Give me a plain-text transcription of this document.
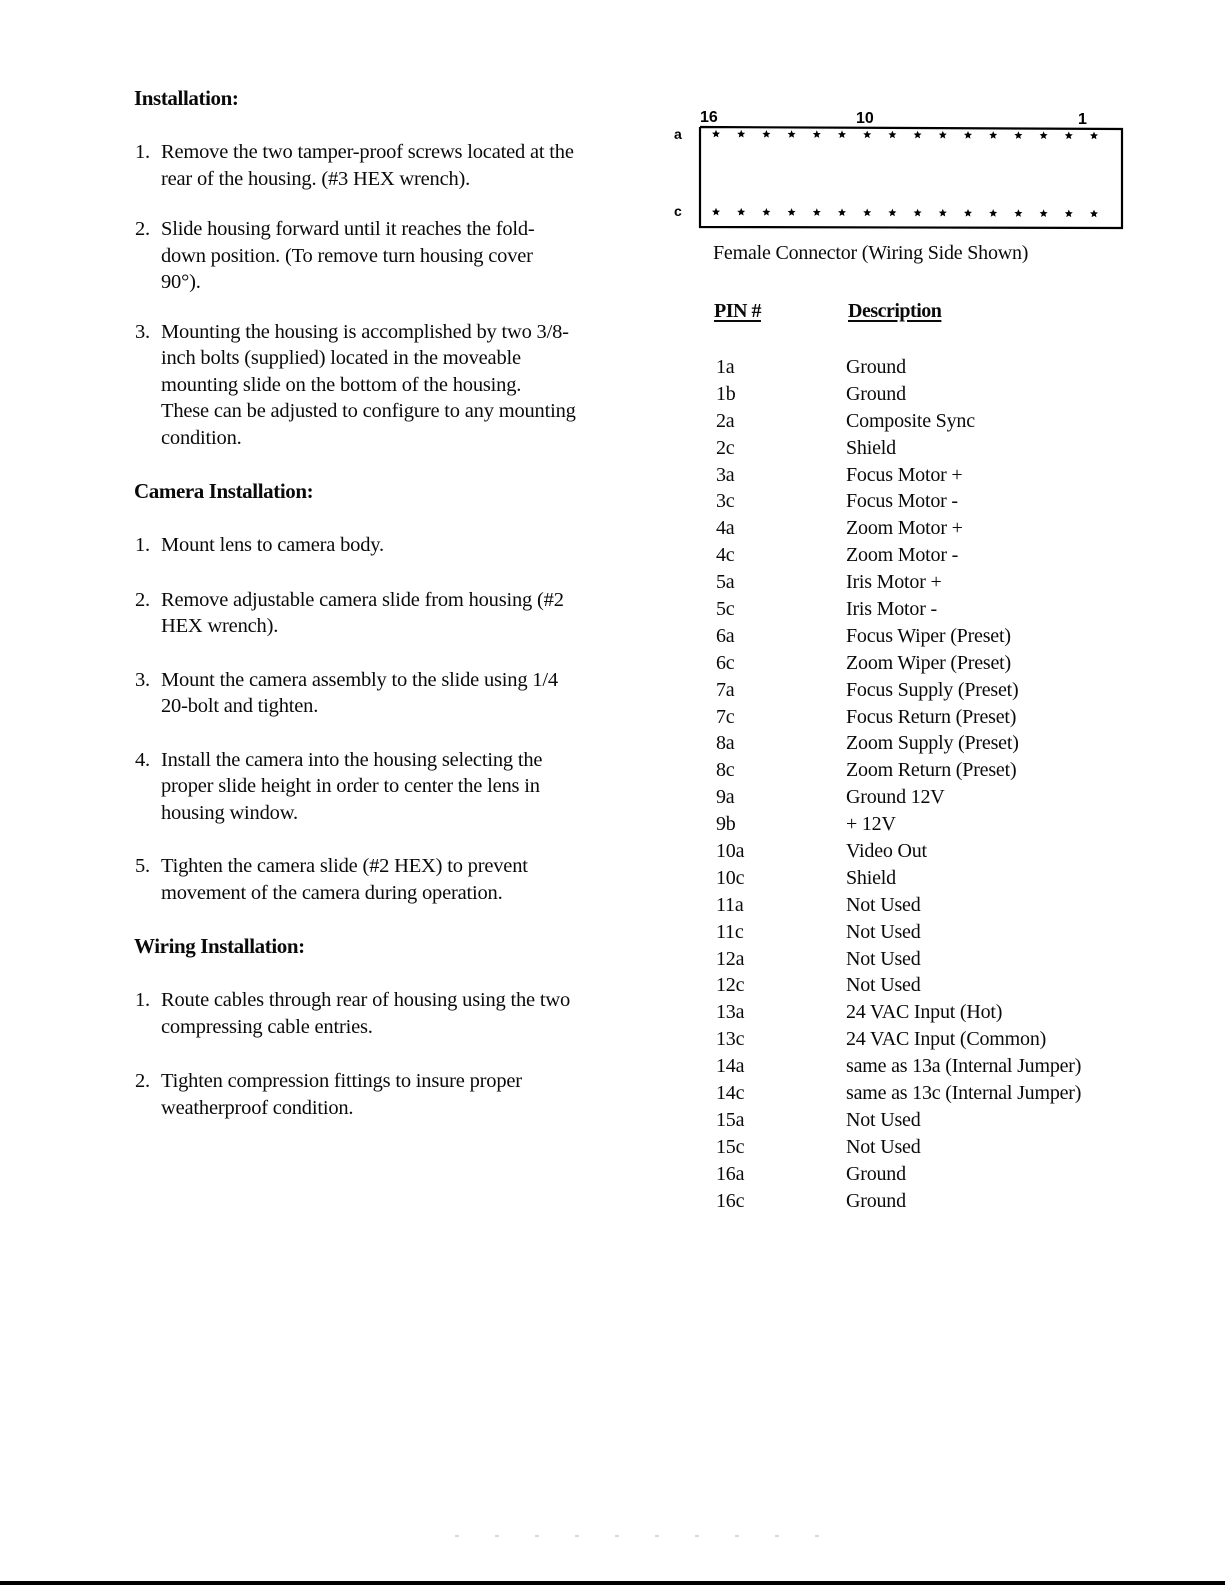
Installation:
1. Remove the two tamper-proof screws located at the
rear of the housing. (#3 HEX wrench).
2. Slide housing forward until it reaches the fold-
down position. (To remove turn housing cover
90°).
3. Mounting the housing is accomplished by two 3/8-
inch bolts (supplied) located in the moveable
mounting slide on the bottom of the housing.
These can be adjusted to configure to any mounting
condition.
Camera Installation:
1. Mount lens to camera body.
2. Remove adjustable camera slide from housing (#2
HEX wrench).
3. Mount the camera assembly to the slide using 1/4
20-bolt and tighten.
4. Install the camera into the housing selecting the
proper slide height in order to center the lens in
housing window.
5. Tighten the camera slide (#2 HEX) to prevent
movement of the camera during operation.
Wiring Installation:
1. Route cables through rear of housing using the two
compressing cable entries.
2. Tighten compression fittings to insure proper
weatherproof condition.
16	10	1
a
c
Female Connector (Wiring Side Shown)
PIN #	Description
1a	Ground
1b	Ground
2a	Composite Sync
2c	Shield
3a	Focus Motor +
3c	Focus Motor -
4a	Zoom Motor +
4c	Zoom Motor -
5a	Iris Motor +
5c	Iris Motor -
6a	Focus Wiper (Preset)
6c	Zoom Wiper (Preset)
7a	Focus Supply (Preset)
7c	Focus Return (Preset)
8a	Zoom Supply (Preset)
8c	Zoom Return (Preset)
9a	Ground 12V
9b	+ 12V
10a	Video Out
10c	Shield
11a	Not Used
11c	Not Used
12a	Not Used
12c	Not Used
13a	24 VAC Input (Hot)
13c	24 VAC Input (Common)
14a	same as 13a (Internal Jumper)
14c	same as 13c (Internal Jumper)
15a	Not Used
15c	Not Used
16a	Ground
16c	Ground
